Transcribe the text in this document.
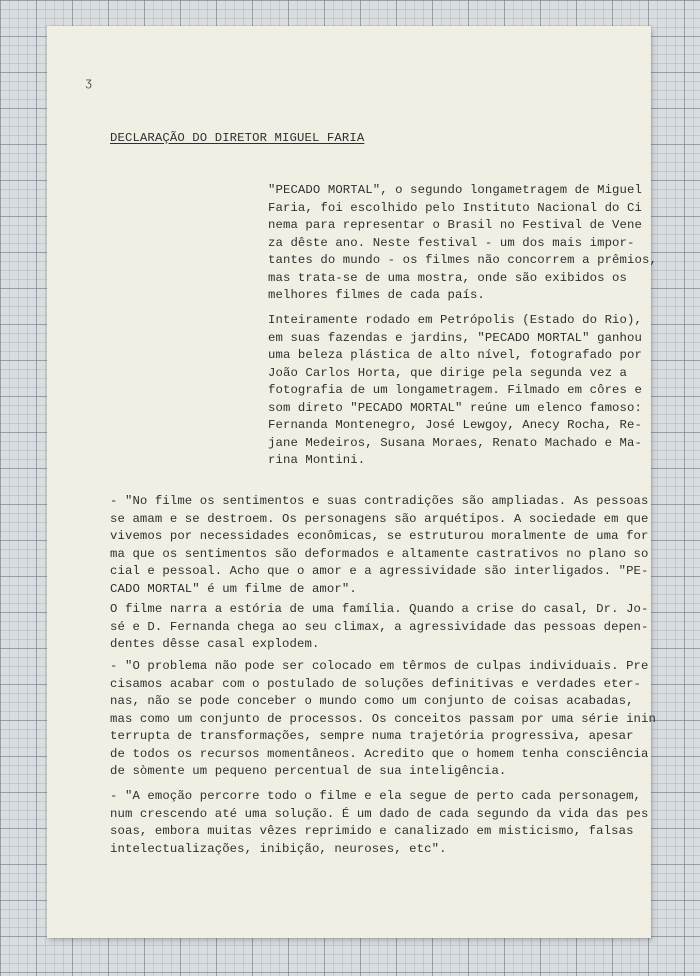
ʒ

DECLARAÇÃO DO DIRETOR MIGUEL FARIA

"PECADO MORTAL", o segundo longametragem de Miguel
Faria, foi escolhido pelo Instituto Nacional do Ci
nema para representar o Brasil no Festival de Vene
za dêste ano. Neste festival - um dos mais impor-
tantes do mundo - os filmes não concorrem a prêmios,
mas trata-se de uma mostra, onde são exibidos os
melhores filmes de cada país.

Inteiramente rodado em Petrópolis (Estado do Rio),
em suas fazendas e jardins, "PECADO MORTAL" ganhou
uma beleza plástica de alto nível, fotografado por
João Carlos Horta, que dirige pela segunda vez a
fotografia de um longametragem. Filmado em côres e
som direto "PECADO MORTAL" reúne um elenco famoso:
Fernanda Montenegro, José Lewgoy, Anecy Rocha, Re-
jane Medeiros, Susana Moraes, Renato Machado e Ma-
rina Montini.

- "No filme os sentimentos e suas contradições são ampliadas. As pessoas
se amam e se destroem. Os personagens são arquétipos. A sociedade em que
vivemos por necessidades econômicas, se estruturou moralmente de uma for
ma que os sentimentos são deformados e altamente castrativos no plano so
cial e pessoal. Acho que o amor e a agressividade são interligados. "PE-
CADO MORTAL" é um filme de amor".

O filme narra a estória de uma família. Quando a crise do casal, Dr. Jo-
sé e D. Fernanda chega ao seu climax, a agressividade das pessoas depen-
dentes dêsse casal explodem.

- "O problema não pode ser colocado em têrmos de culpas individuais. Pre
cisamos acabar com o postulado de soluções definitivas e verdades eter-
nas, não se pode conceber o mundo como um conjunto de coisas acabadas,
mas como um conjunto de processos. Os conceitos passam por uma série inin
terrupta de transformações, sempre numa trajetória progressiva, apesar
de todos os recursos momentâneos. Acredito que o homem tenha consciência
de sòmente um pequeno percentual de sua inteligência.

- "A emoção percorre todo o filme e ela segue de perto cada personagem,
num crescendo até uma solução. É um dado de cada segundo da vida das pes
soas, embora muitas vêzes reprimido e canalizado em misticismo, falsas
intelectualizações, inibição, neuroses, etc".
